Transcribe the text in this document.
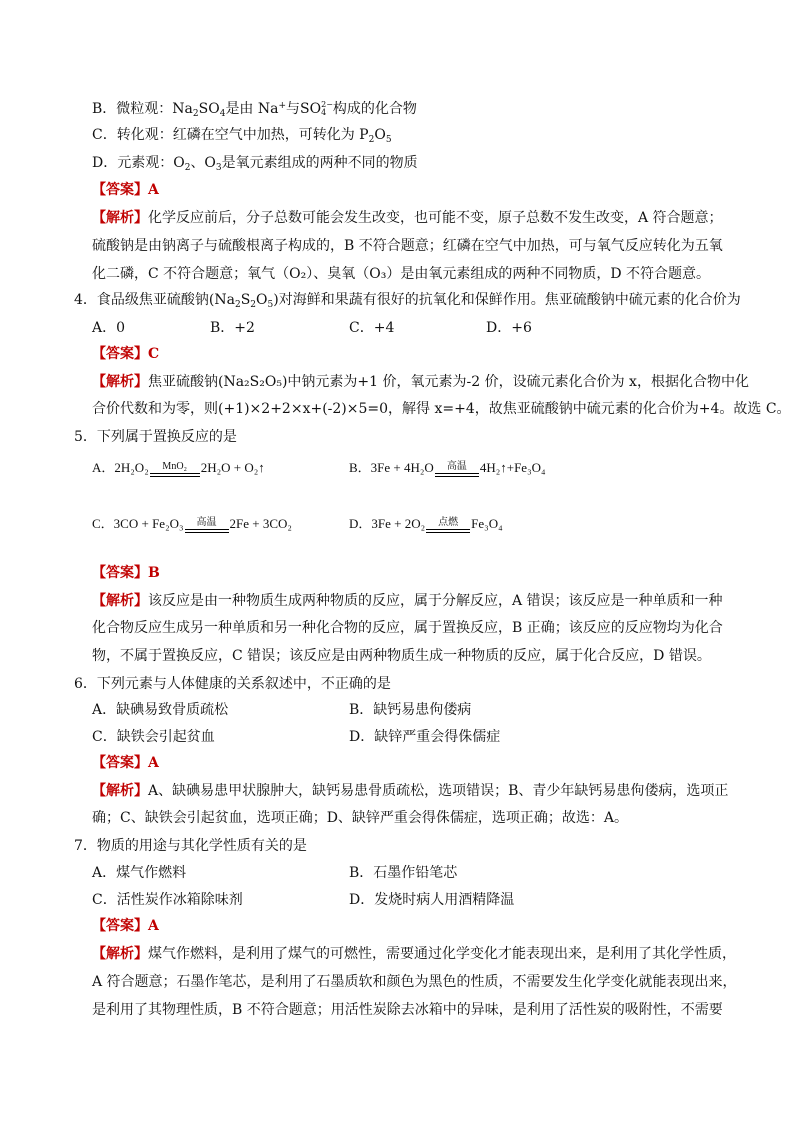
B．微粒观：$Na_2SO_4$是由 Na+与SO 2−
4 构成的化合物
C．转化观：红磷在空气中加热，可转化为 $P_2O_5$
D．元素观：$O_2$、$O_3$是氧元素组成的两种不同的物质
【答案】A
【解析】化学反应前后，分子总数可能会发生改变，也可能不变，原子总数不发生改变，A 符合题意；
硫酸钠是由钠离子与硫酸根离子构成的，B 不符合题意；红磷在空气中加热，可与氧气反应转化为五氧
化二磷，C 不符合题意；氧气（O₂）、臭氧（O₃）是由氧元素组成的两种不同物质，D 不符合题意。
4．食品级焦亚硫酸钠$(Na_2S_2O_5)$对海鲜和果蔬有很好的抗氧化和保鲜作用。焦亚硫酸钠中硫元素的化合价为
A．0	B．+2	C．+4	D．+6
【答案】C
【解析】焦亚硫酸钠(Na₂S₂O₅)中钠元素为+1 价，氧元素为-2 价，设硫元素化合价为 x，根据化合物中化
合价代数和为零，则(+1)×2+2×x+(-2)×5=0，解得 x=+4，故焦亚硫酸钠中硫元素的化合价为+4。故选 C。
5．下列属于置换反应的是
A．2H₂O₂	MnO₂	2H₂O + O₂↑	B．3Fe + 4H₂O	高温	4H₂↑+Fe₃O₄
C．3CO + Fe₂O₃	高温	2Fe + 3CO₂	D．3Fe + 2O₂	点燃	Fe₃O₄
【答案】B
【解析】该反应是由一种物质生成两种物质的反应，属于分解反应，A 错误；该反应是一种单质和一种
化合物反应生成另一种单质和另一种化合物的反应，属于置换反应，B 正确；该反应的反应物均为化合
物，不属于置换反应，C 错误；该反应是由两种物质生成一种物质的反应，属于化合反应，D 错误。
6．下列元素与人体健康的关系叙述中，不正确的是
A．缺碘易致骨质疏松	B．缺钙易患佝偻病
C．缺铁会引起贫血	D．缺锌严重会得侏儒症
【答案】A
【解析】A、缺碘易患甲状腺肿大，缺钙易患骨质疏松，选项错误；B、青少年缺钙易患佝偻病，选项正
确；C、缺铁会引起贫血，选项正确；D、缺锌严重会得侏儒症，选项正确；故选：A。
7．物质的用途与其化学性质有关的是
A．煤气作燃料	B．石墨作铅笔芯
C．活性炭作冰箱除味剂	D．发烧时病人用酒精降温
【答案】A
【解析】煤气作燃料，是利用了煤气的可燃性，需要通过化学变化才能表现出来，是利用了其化学性质，
A 符合题意；石墨作笔芯，是利用了石墨质软和颜色为黑色的性质，不需要发生化学变化就能表现出来，
是利用了其物理性质，B 不符合题意；用活性炭除去冰箱中的异味，是利用了活性炭的吸附性，不需要
